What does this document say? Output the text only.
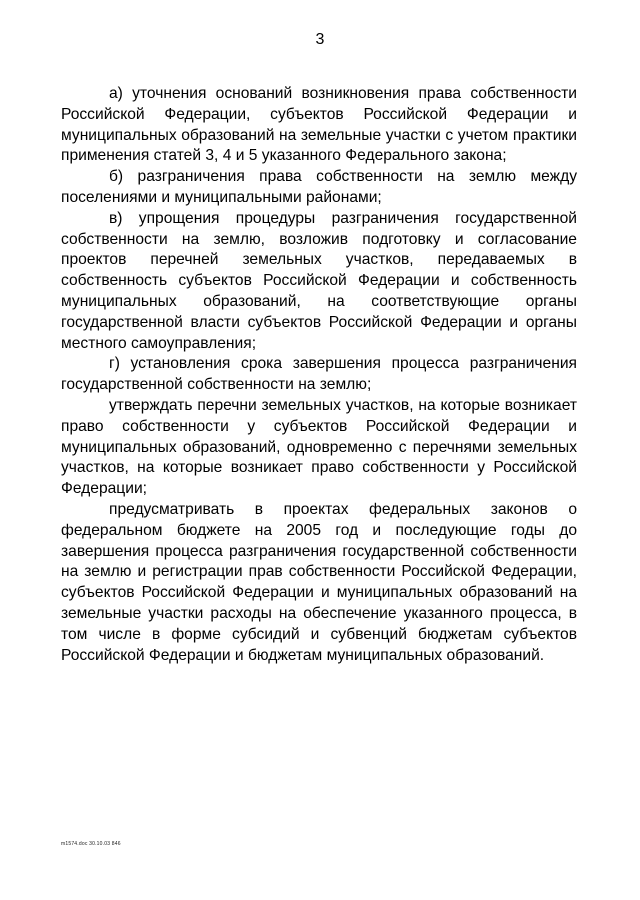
3

а) уточнения оснований возникновения права собственности Российской Федерации, субъектов Российской Федерации и муниципальных образований на земельные участки с учетом практики применения статей 3, 4 и 5 указанного Федерального закона;

б) разграничения права собственности на землю между поселениями и муниципальными районами;

в) упрощения процедуры разграничения государственной собственности на землю, возложив подготовку и согласование проектов перечней земельных участков, передаваемых в собственность субъектов Российской Федерации и собственность муниципальных образований, на соответствующие органы государственной власти субъектов Российской Федерации и органы местного самоуправления;

г) установления срока завершения процесса разграничения государственной собственности на землю;

утверждать перечни земельных участков, на которые возникает право собственности у субъектов Российской Федерации и муниципальных образований, одновременно с перечнями земельных участков, на которые возникает право собственности у Российской Федерации;

предусматривать в проектах федеральных законов о федеральном бюджете на 2005 год и последующие годы до завершения процесса разграничения государственной собственности на землю и регистрации прав собственности Российской Федерации, субъектов Российской Федерации и муниципальных образований на земельные участки расходы на обеспечение указанного процесса, в том числе в форме субсидий и субвенций бюджетам субъектов Российской Федерации и бюджетам муниципальных образований.

m1574.doc 30.10.03 846
